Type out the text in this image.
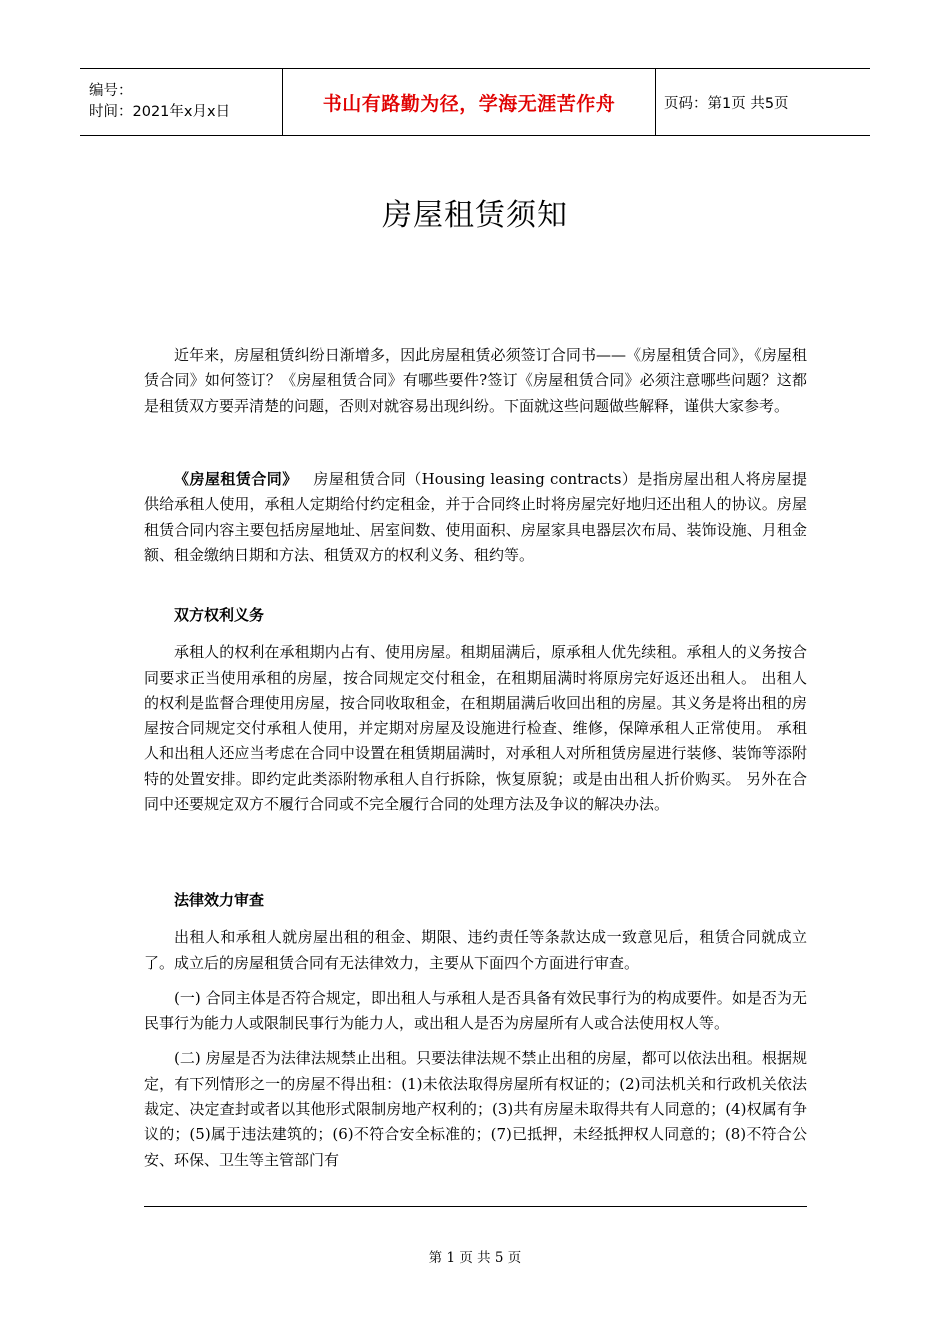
编号：
时间：2021年x月x日	书山有路勤为径，学海无涯苦作舟	页码：第1页 共5页
房屋租赁须知

近年来，房屋租赁纠纷日渐增多，因此房屋租赁必须签订合同书——《房屋租赁合同》，《房屋租赁合同》如何签订？《房屋租赁合同》有哪些要件?签订《房屋租赁合同》必须注意哪些问题？这都是租赁双方要弄清楚的问题，否则对就容易出现纠纷。下面就这些问题做些解释，谨供大家参考。

《房屋租赁合同》 房屋租赁合同（Housing leasing contracts）是指房屋出租人将房屋提供给承租人使用，承租人定期给付约定租金，并于合同终止时将房屋完好地归还出租人的协议。房屋租赁合同内容主要包括房屋地址、居室间数、使用面积、房屋家具电器层次布局、装饰设施、月租金额、租金缴纳日期和方法、租赁双方的权利义务、租约等。

双方权利义务

承租人的权利在承租期内占有、使用房屋。租期届满后，原承租人优先续租。承租人的义务按合同要求正当使用承租的房屋，按合同规定交付租金，在租期届满时将原房完好返还出租人。 出租人的权利是监督合理使用房屋，按合同收取租金，在租期届满后收回出租的房屋。其义务是将出租的房屋按合同规定交付承租人使用，并定期对房屋及设施进行检查、维修，保障承租人正常使用。 承租人和出租人还应当考虑在合同中设置在租赁期届满时，对承租人对所租赁房屋进行装修、装饰等添附特的处置安排。即约定此类添附物承租人自行拆除，恢复原貌；或是由出租人折价购买。 另外在合同中还要规定双方不履行合同或不完全履行合同的处理方法及争议的解决办法。

法律效力审查

出租人和承租人就房屋出租的租金、期限、违约责任等条款达成一致意见后，租赁合同就成立了。成立后的房屋租赁合同有无法律效力，主要从下面四个方面进行审查。

(一) 合同主体是否符合规定，即出租人与承租人是否具备有效民事行为的构成要件。如是否为无民事行为能力人或限制民事行为能力人，或出租人是否为房屋所有人或合法使用权人等。

(二) 房屋是否为法律法规禁止出租。只要法律法规不禁止出租的房屋，都可以依法出租。根据规定，有下列情形之一的房屋不得出租：(1)未依法取得房屋所有权证的；(2)司法机关和行政机关依法裁定、决定查封或者以其他形式限制房地产权利的；(3)共有房屋未取得共有人同意的；(4)权属有争议的；(5)属于违法建筑的；(6)不符合安全标准的；(7)已抵押，未经抵押权人同意的；(8)不符合公安、环保、卫生等主管部门有

第 1 页 共 5 页
